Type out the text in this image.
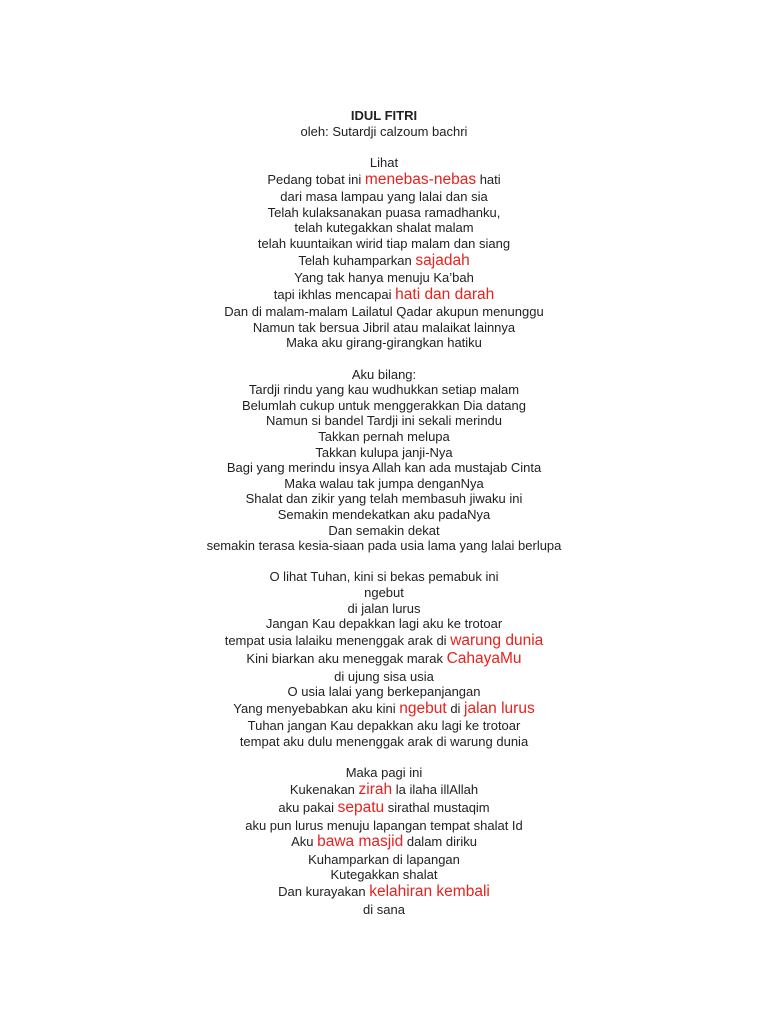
IDUL FITRI
oleh: Sutardji calzoum bachri
Lihat
Pedang tobat ini menebas-nebas hati
dari masa lampau yang lalai dan sia
Telah kulaksanakan puasa ramadhanku,
telah kutegakkan shalat malam
telah kuuntaikan wirid tiap malam dan siang
Telah kuhamparkan sajadah
Yang tak hanya menuju Ka’bah
tapi ikhlas mencapai hati dan darah
Dan di malam-malam Lailatul Qadar akupun menunggu
Namun tak bersua Jibril atau malaikat lainnya
Maka aku girang-girangkan hatiku
Aku bilang:
Tardji rindu yang kau wudhukkan setiap malam
Belumlah cukup untuk menggerakkan Dia datang
Namun si bandel Tardji ini sekali merindu
Takkan pernah melupa
Takkan kulupa janji-Nya
Bagi yang merindu insya Allah kan ada mustajab Cinta
Maka walau tak jumpa denganNya
Shalat dan zikir yang telah membasuh jiwaku ini
Semakin mendekatkan aku padaNya
Dan semakin dekat
semakin terasa kesia-siaan pada usia lama yang lalai berlupa
O lihat Tuhan, kini si bekas pemabuk ini
ngebut
di jalan lurus
Jangan Kau depakkan lagi aku ke trotoar
tempat usia lalaiku menenggak arak di warung dunia
Kini biarkan aku meneggak marak CahayaMu
di ujung sisa usia
O usia lalai yang berkepanjangan
Yang menyebabkan aku kini ngebut di jalan lurus
Tuhan jangan Kau depakkan aku lagi ke trotoar
tempat aku dulu menenggak arak di warung dunia
Maka pagi ini
Kukenakan zirah la ilaha illAllah
aku pakai sepatu sirathal mustaqim
aku pun lurus menuju lapangan tempat shalat Id
Aku bawa masjid dalam diriku
Kuhamparkan di lapangan
Kutegakkan shalat
Dan kurayakan kelahiran kembali
di sana
